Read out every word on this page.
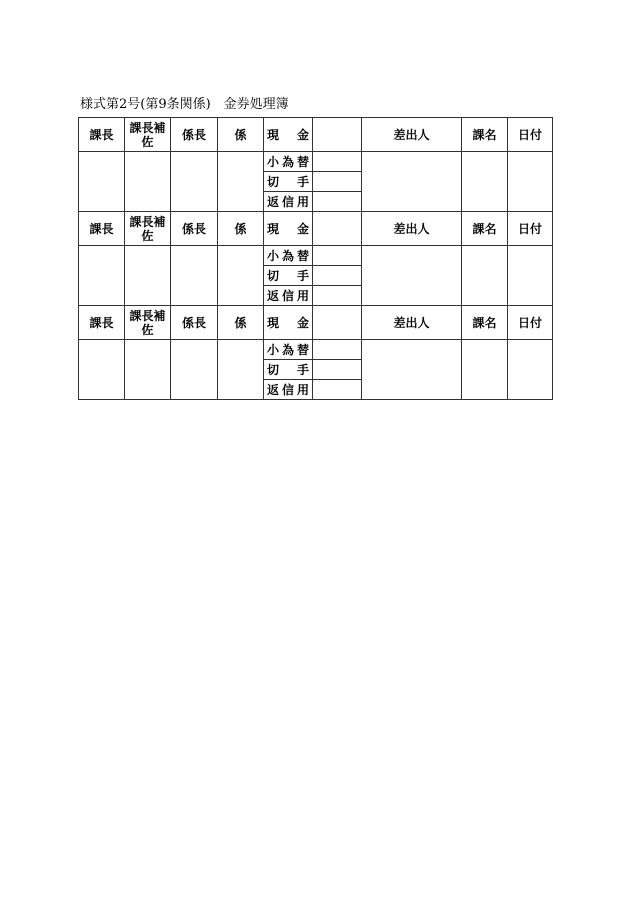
様式第2号(第9条関係)　金券処理簿
課長	課長補佐	係長	係	現　金		差出人	課名	日付
				小為替				
				切手				
				返信用				
課長	課長補佐	係長	係	現　金		差出人	課名	日付
				小為替				
				切手				
				返信用				
課長	課長補佐	係長	係	現　金		差出人	課名	日付
				小為替				
				切手				
				返信用				
